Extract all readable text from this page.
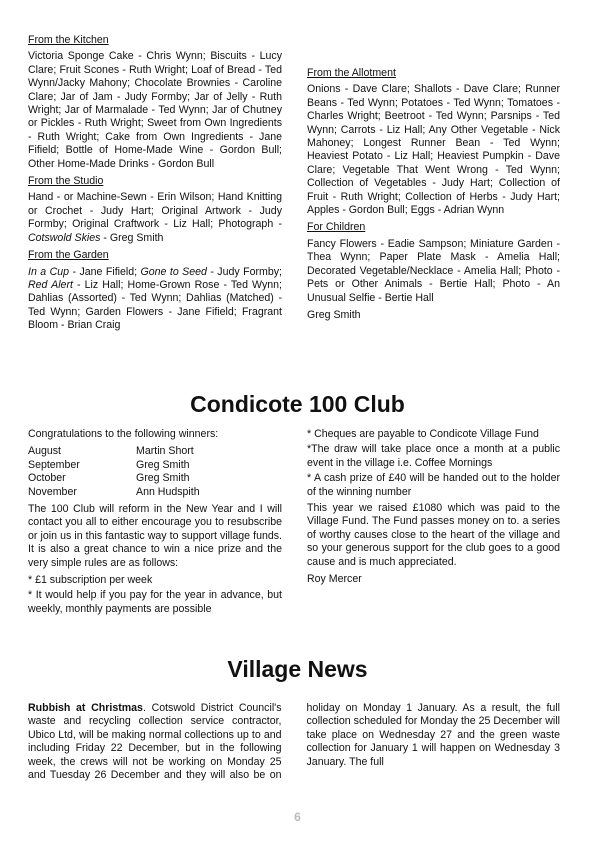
From the Kitchen

Victoria Sponge Cake - Chris Wynn; Biscuits - Lucy Clare; Fruit Scones - Ruth Wright; Loaf of Bread - Ted Wynn/Jacky Mahony; Chocolate Brownies - Caroline Clare; Jar of Jam - Judy Formby; Jar of Jelly - Ruth Wright; Jar of Marmalade - Ted Wynn; Jar of Chutney or Pickles - Ruth Wright; Sweet from Own Ingredients - Ruth Wright; Cake from Own Ingredients - Jane Fifield; Bottle of Home-Made Wine - Gordon Bull; Other Home-Made Drinks - Gordon Bull

From the Studio

Hand - or Machine-Sewn - Erin Wilson; Hand Knitting or Crochet - Judy Hart; Original Artwork - Judy Formby; Original Craftwork - Liz Hall; Photograph - Cotswold Skies - Greg Smith

From the Garden

In a Cup - Jane Fifield; Gone to Seed - Judy Formby; Red Alert - Liz Hall; Home-Grown Rose - Ted Wynn; Dahlias (Assorted) - Ted Wynn; Dahlias (Matched) - Ted Wynn; Garden Flowers - Jane Fifield; Fragrant Bloom - Brian Craig

From the Allotment

Onions - Dave Clare; Shallots - Dave Clare; Runner Beans - Ted Wynn; Potatoes - Ted Wynn; Tomatoes - Charles Wright; Beetroot - Ted Wynn; Parsnips - Ted Wynn; Carrots - Liz Hall; Any Other Vegetable - Nick Mahoney; Longest Runner Bean - Ted Wynn; Heaviest Potato - Liz Hall; Heaviest Pumpkin - Dave Clare; Vegetable That Went Wrong - Ted Wynn; Collection of Vegetables - Judy Hart; Collection of Fruit - Ruth Wright; Collection of Herbs - Judy Hart; Apples - Gordon Bull; Eggs - Adrian Wynn

For Children

Fancy Flowers - Eadie Sampson; Miniature Garden - Thea Wynn; Paper Plate Mask - Amelia Hall; Decorated Vegetable/Necklace - Amelia Hall; Photo -Pets or Other Animals - Bertie Hall; Photo - An Unusual Selfie - Bertie Hall

Greg Smith
Condicote 100 Club

Congratulations to the following winners:

August	Martin Short
September	Greg Smith
October	Greg Smith
November	Ann Hudspith

The 100 Club will reform in the New Year and I will contact you all to either encourage you to resubscribe or join us in this fantastic way to support village funds. It is also a great chance to win a nice prize and the very simple rules are as follows:

* £1 subscription per week

* It would help if you pay for the year in advance, but weekly, monthly payments are possible

* Cheques are payable to Condicote Village Fund

*The draw will take place once a month at a public event in the village i.e. Coffee Mornings

* A cash prize of £40 will be handed out to the holder of the winning number

This year we raised £1080 which was paid to the Village Fund. The Fund passes money on to. a series of worthy causes close to the heart of the village and so your generous support for the club goes to a good cause and is much appreciated.

Roy Mercer
Village News
Rubbish at Christmas. Cotswold District Council's waste and recycling collection service contractor, Ubico Ltd, will be making normal collections up to and including Friday 22 December, but in the following week, the crews will not be working on Monday 25 and Tuesday 26 December and they will also be on holiday on Monday 1 January. As a result, the full collection scheduled for Monday the 25 December will take place on Wednesday 27 and the green waste collection for January 1 will happen on Wednesday 3 January. The full
6
